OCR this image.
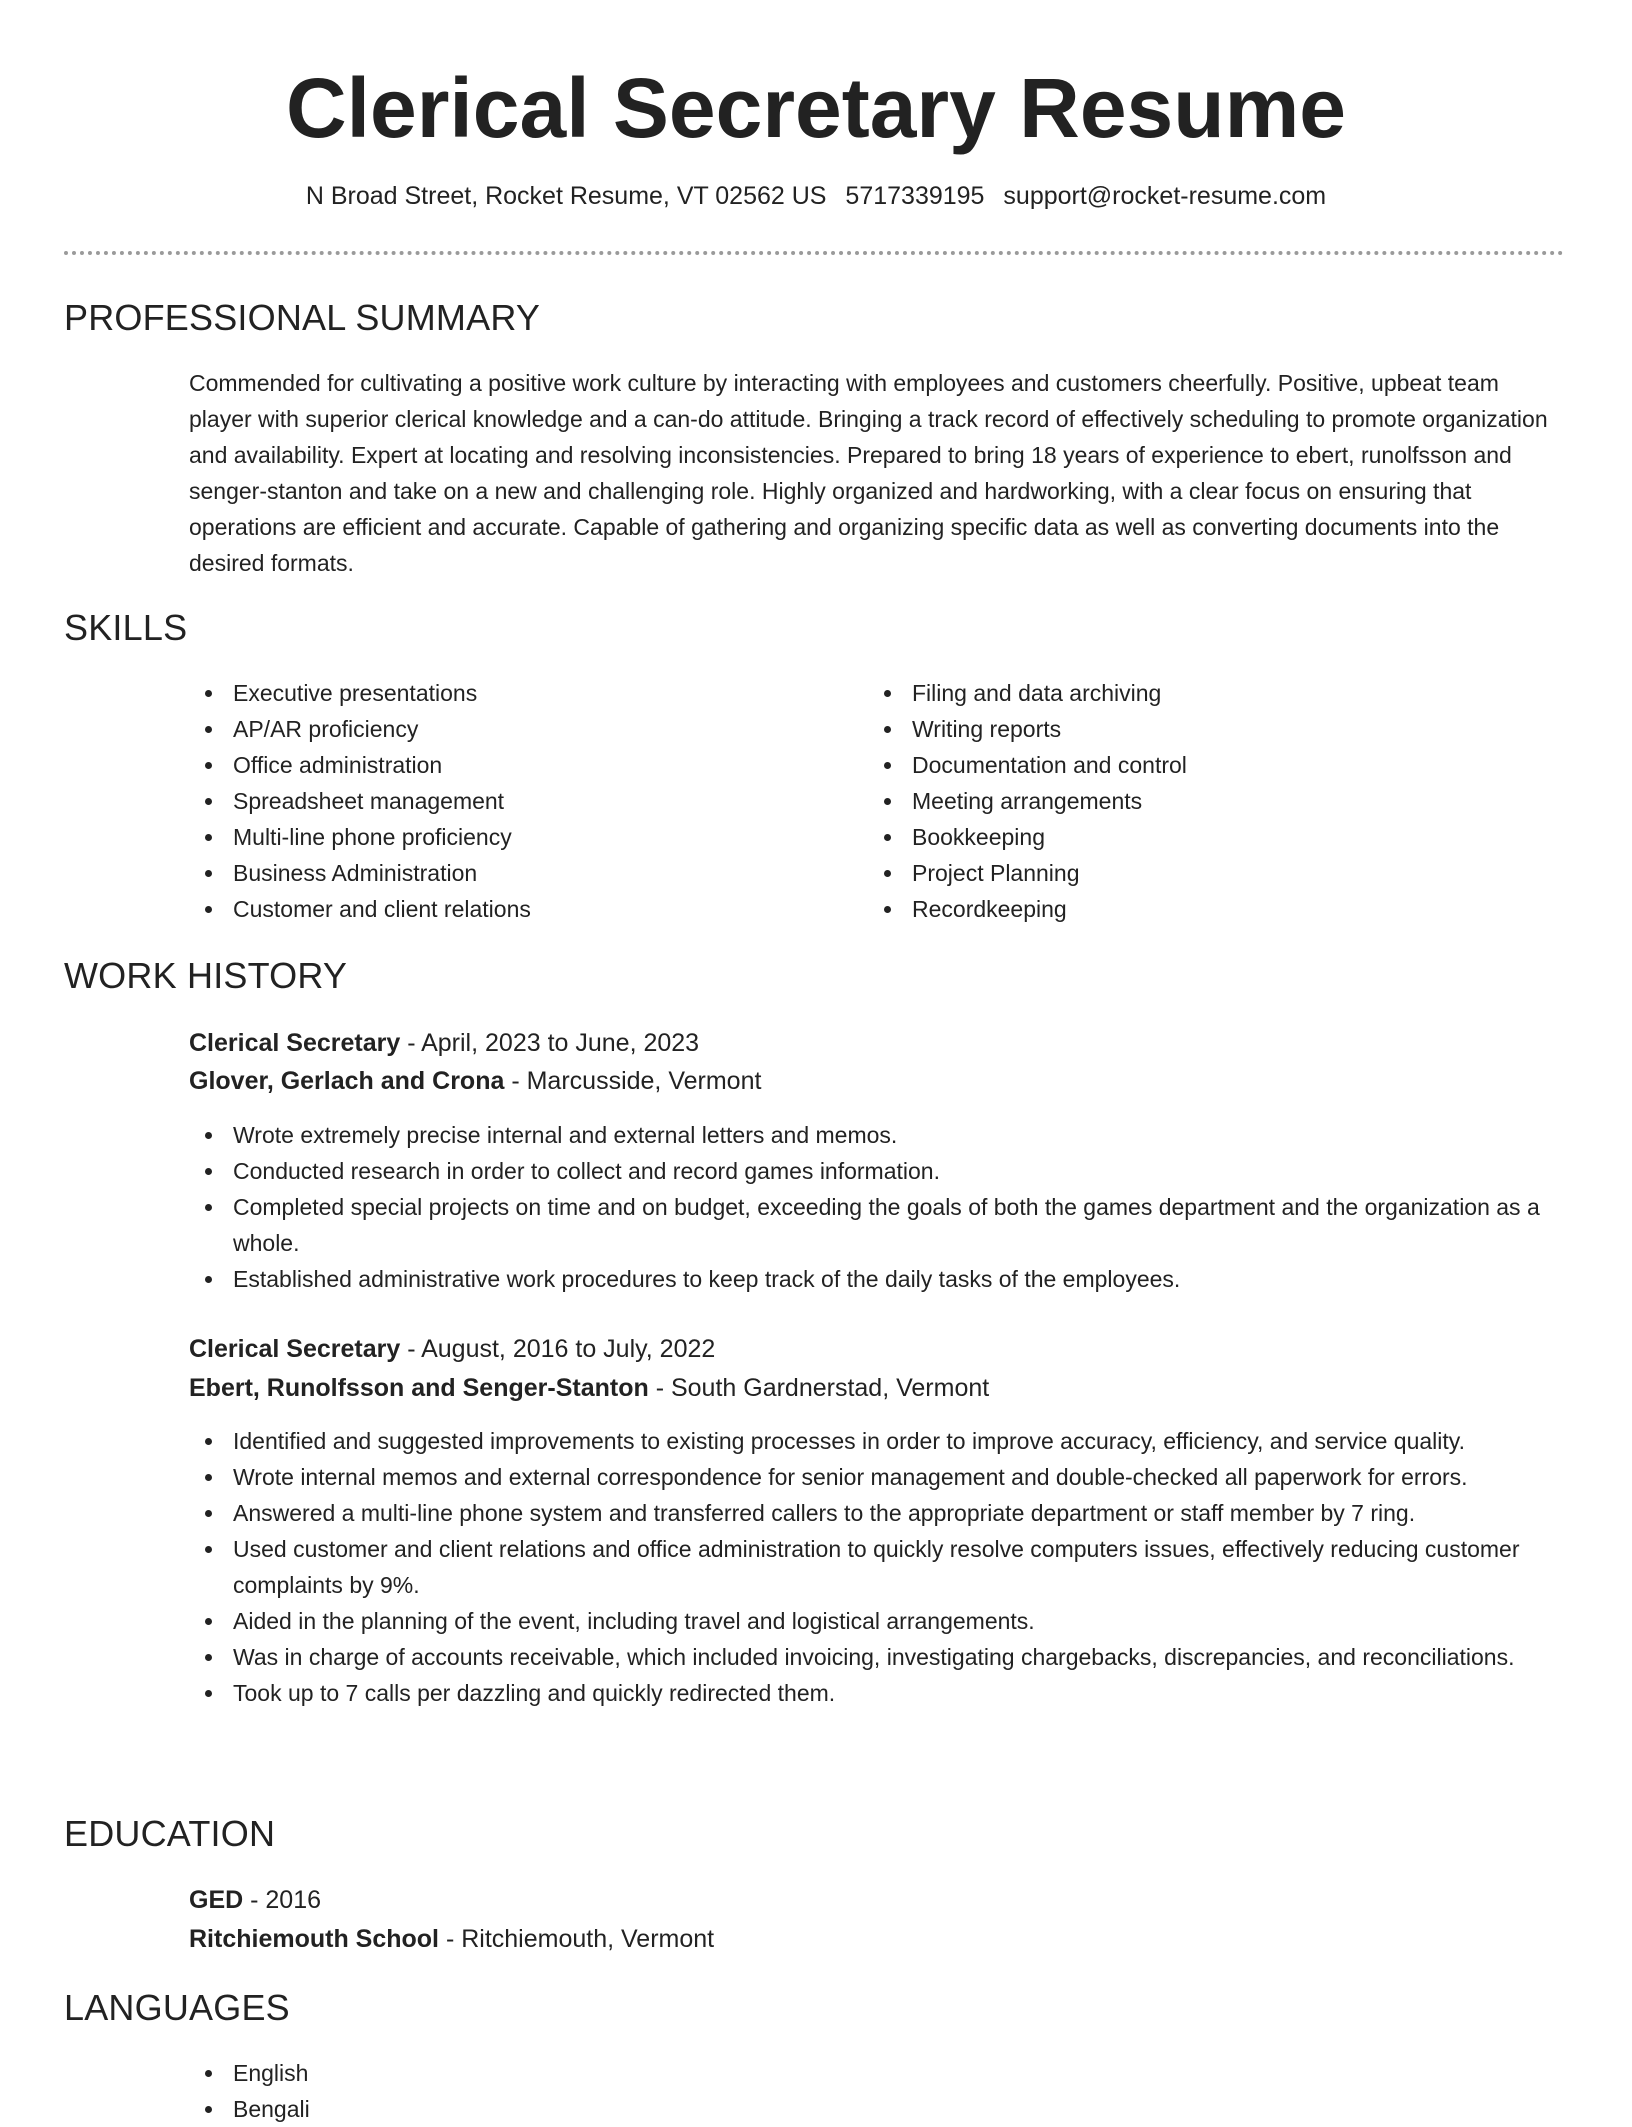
Clerical Secretary Resume
N Broad Street, Rocket Resume, VT 02562 US 5717339195 support@rocket-resume.com
PROFESSIONAL SUMMARY

Commended for cultivating a positive work culture by interacting with employees and customers cheerfully. Positive, upbeat team player with superior clerical knowledge and a can-do attitude. Bringing a track record of effectively scheduling to promote organization and availability. Expert at locating and resolving inconsistencies. Prepared to bring 18 years of experience to ebert, runolfsson and senger-stanton and take on a new and challenging role. Highly organized and hardworking, with a clear focus on ensuring that operations are efficient and accurate. Capable of gathering and organizing specific data as well as converting documents into the desired formats.

SKILLS
Executive presentations
AP/AR proficiency
Office administration
Spreadsheet management
Multi-line phone proficiency
Business Administration
Customer and client relations
Filing and data archiving
Writing reports
Documentation and control
Meeting arrangements
Bookkeeping
Project Planning
Recordkeeping
WORK HISTORY
Clerical Secretary - April, 2023 to June, 2023
Glover, Gerlach and Crona - Marcusside, Vermont
Wrote extremely precise internal and external letters and memos.
Conducted research in order to collect and record games information.
Completed special projects on time and on budget, exceeding the goals of both the games department and the organization as a whole.
Established administrative work procedures to keep track of the daily tasks of the employees.
Clerical Secretary - August, 2016 to July, 2022
Ebert, Runolfsson and Senger-Stanton - South Gardnerstad, Vermont
Identified and suggested improvements to existing processes in order to improve accuracy, efficiency, and service quality.
Wrote internal memos and external correspondence for senior management and double-checked all paperwork for errors.
Answered a multi-line phone system and transferred callers to the appropriate department or staff member by 7 ring.
Used customer and client relations and office administration to quickly resolve computers issues, effectively reducing customer complaints by 9%.
Aided in the planning of the event, including travel and logistical arrangements.
Was in charge of accounts receivable, which included invoicing, investigating chargebacks, discrepancies, and reconciliations.
Took up to 7 calls per dazzling and quickly redirected them.
EDUCATION
GED - 2016
Ritchiemouth School - Ritchiemouth, Vermont
LANGUAGES
English
Bengali
